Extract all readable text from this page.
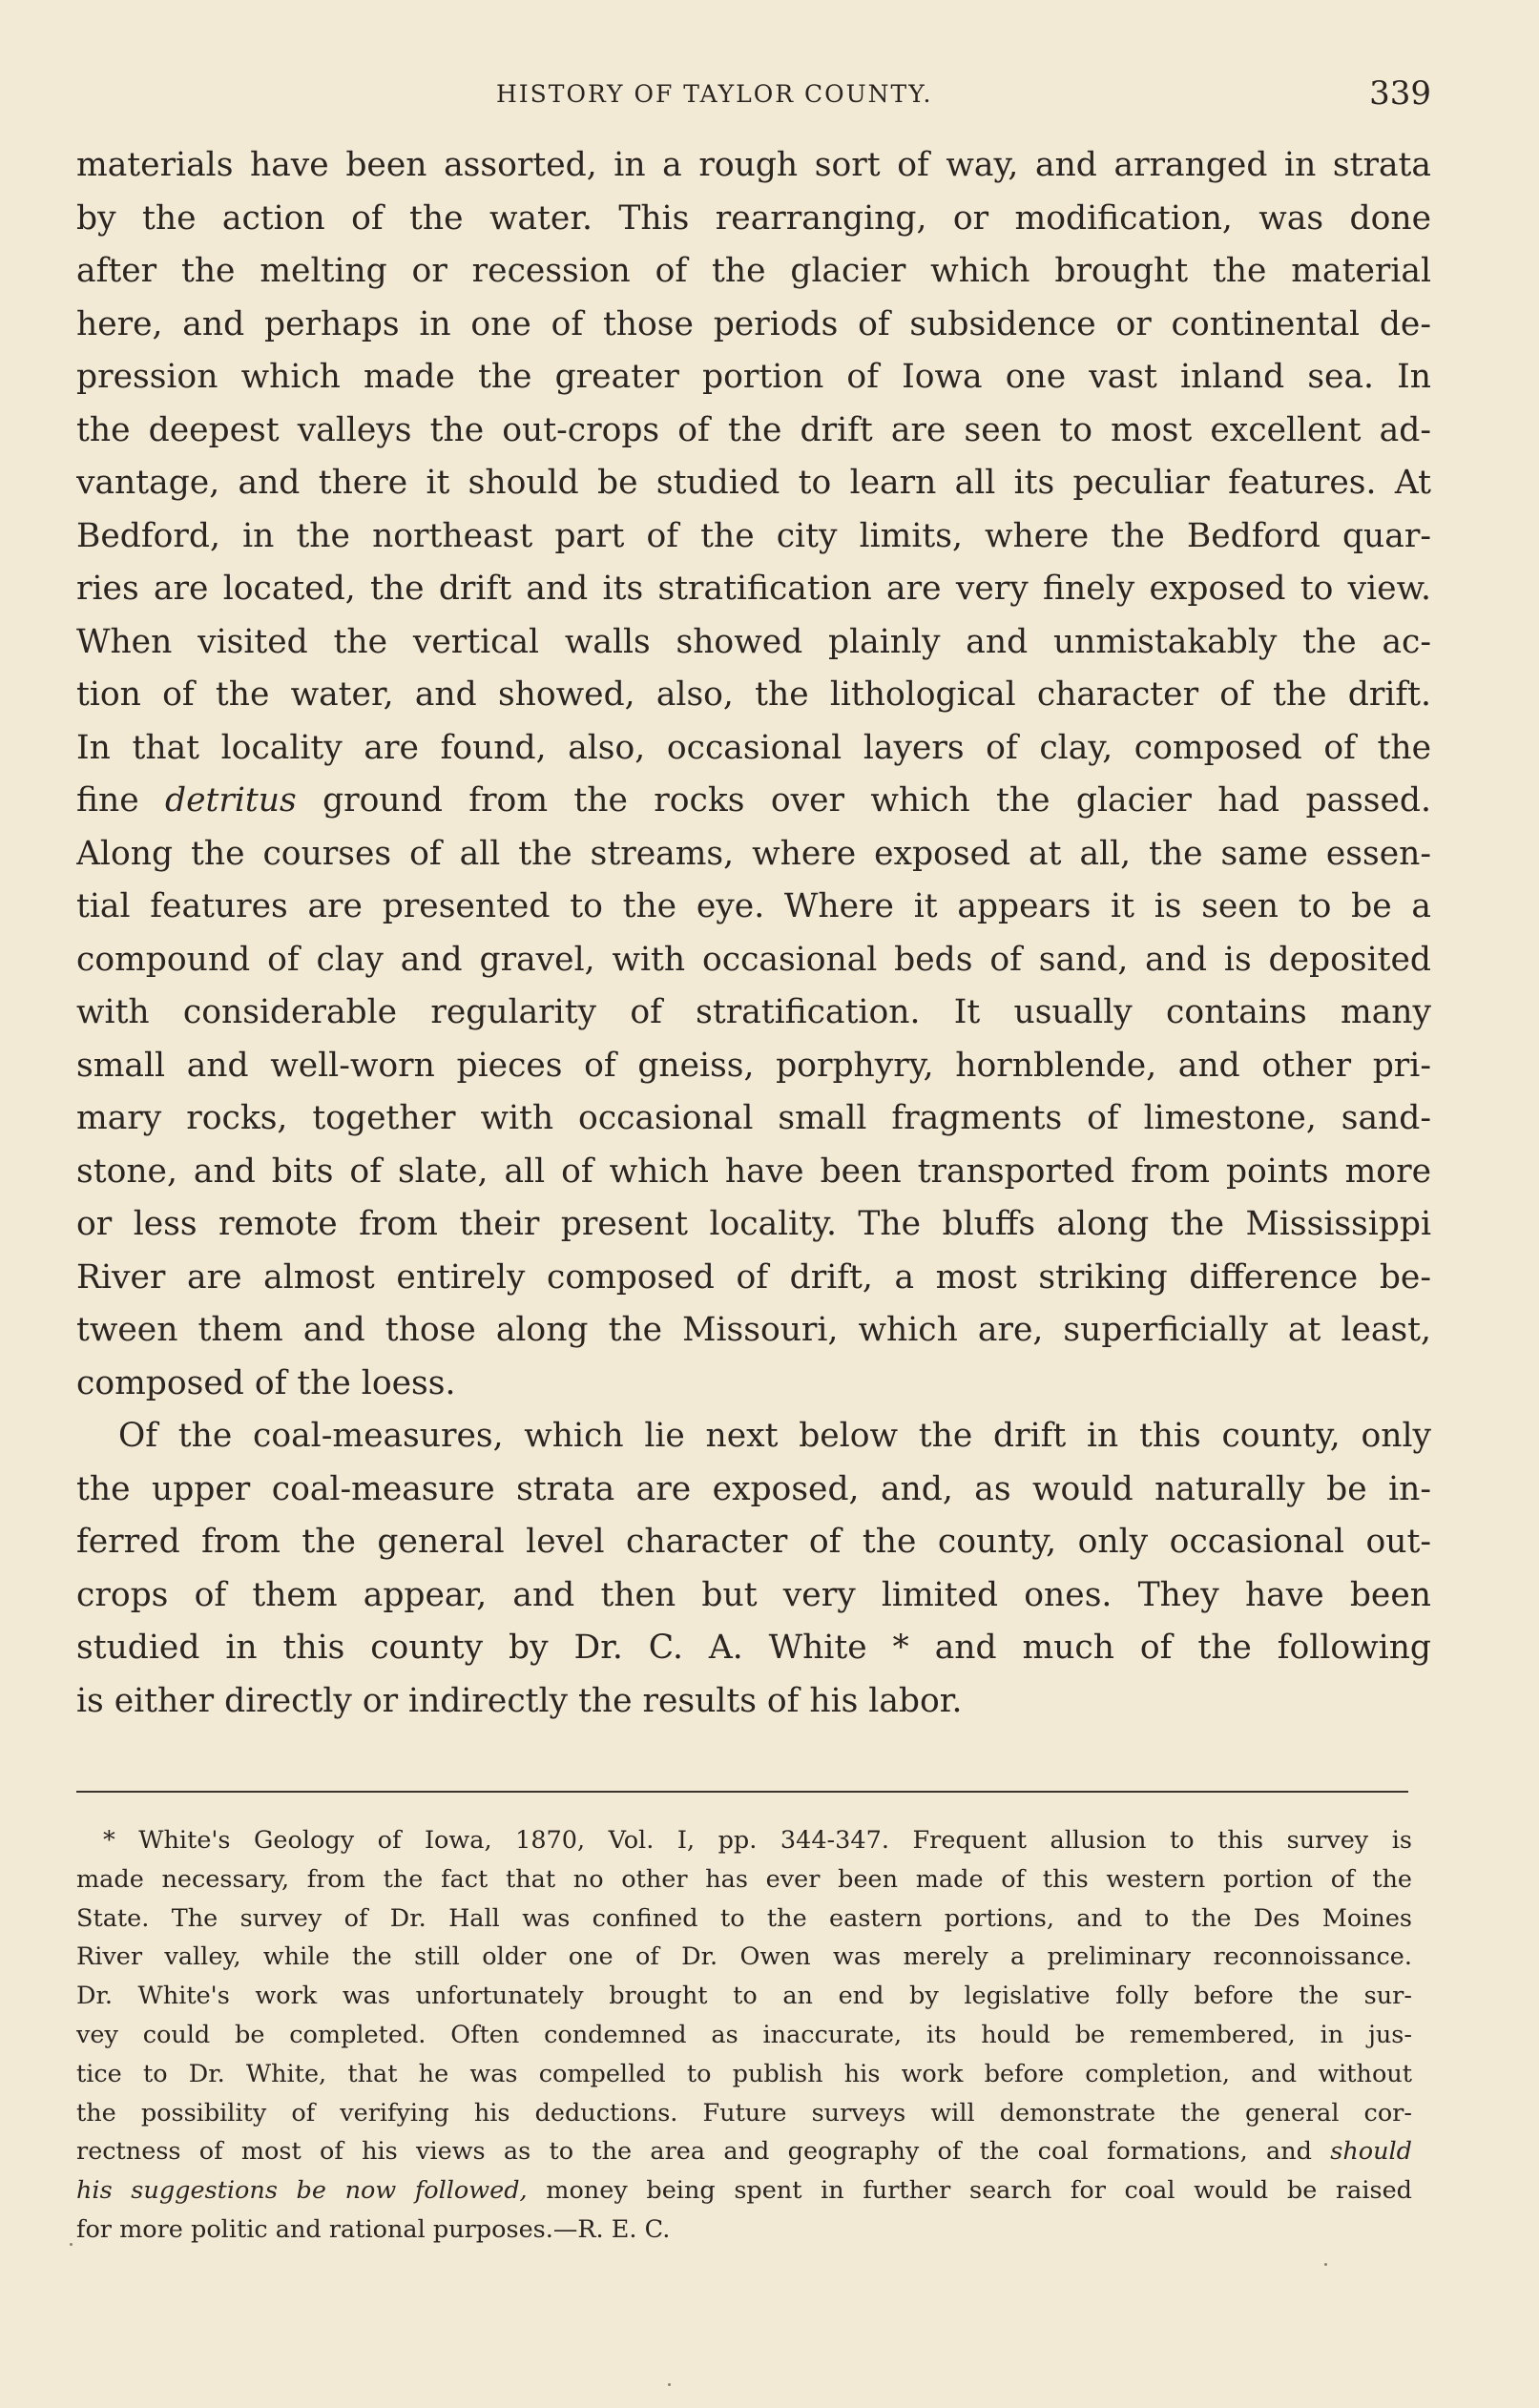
HISTORY OF TAYLOR COUNTY.	339
materials have been assorted, in a rough sort of way, and arranged in strata
by the action of the water. This rearranging, or modification, was done
after the melting or recession of the glacier which brought the material
here, and perhaps in one of those periods of subsidence or continental de-
pression which made the greater portion of Iowa one vast inland sea. In
the deepest valleys the out-crops of the drift are seen to most excellent ad-
vantage, and there it should be studied to learn all its peculiar features. At
Bedford, in the northeast part of the city limits, where the Bedford quar-
ries are located, the drift and its stratification are very finely exposed to view.
When visited the vertical walls showed plainly and unmistakably the ac-
tion of the water, and showed, also, the lithological character of the drift.
In that locality are found, also, occasional layers of clay, composed of the
fine detritus ground from the rocks over which the glacier had passed.
Along the courses of all the streams, where exposed at all, the same essen-
tial features are presented to the eye. Where it appears it is seen to be a
compound of clay and gravel, with occasional beds of sand, and is deposited
with considerable regularity of stratification. It usually contains many
small and well-worn pieces of gneiss, porphyry, hornblende, and other pri-
mary rocks, together with occasional small fragments of limestone, sand-
stone, and bits of slate, all of which have been transported from points more
or less remote from their present locality. The bluffs along the Mississippi
River are almost entirely composed of drift, a most striking difference be-
tween them and those along the Missouri, which are, superficially at least,
composed of the loess.
Of the coal-measures, which lie next below the drift in this county, only
the upper coal-measure strata are exposed, and, as would naturally be in-
ferred from the general level character of the county, only occasional out-
crops of them appear, and then but very limited ones. They have been
studied in this county by Dr. C. A. White * and much of the following
is either directly or indirectly the results of his labor.
* White's Geology of Iowa, 1870, Vol. I, pp. 344-347. Frequent allusion to this survey is
made necessary, from the fact that no other has ever been made of this western portion of the
State. The survey of Dr. Hall was confined to the eastern portions, and to the Des Moines
River valley, while the still older one of Dr. Owen was merely a preliminary reconnoissance.
Dr. White's work was unfortunately brought to an end by legislative folly before the sur-
vey could be completed. Often condemned as inaccurate, its hould be remembered, in jus-
tice to Dr. White, that he was compelled to publish his work before completion, and without
the possibility of verifying his deductions. Future surveys will demonstrate the general cor-
rectness of most of his views as to the area and geography of the coal formations, and should
his suggestions be now followed, money being spent in further search for coal would be raised
for more politic and rational purposes.—R. E. C.
